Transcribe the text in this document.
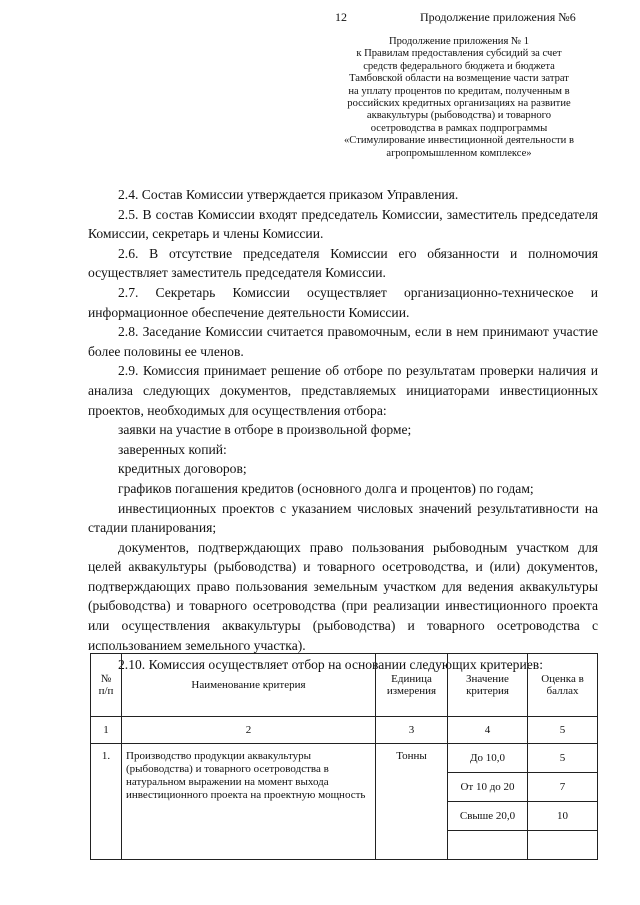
12	Продолжение приложения №6
Продолжение приложения № 1
к Правилам предоставления субсидий за счет
средств федерального бюджета и бюджета
Тамбовской области на возмещение части затрат
на уплату процентов по кредитам, полученным в
российских кредитных организациях на развитие
аквакультуры (рыбоводства) и товарного
осетроводства в рамках подпрограммы
«Стимулирование инвестиционной деятельности в
агропромышленном комплексе»

2.4. Состав Комиссии утверждается приказом Управления.

2.5. В состав Комиссии входят председатель Комиссии, заместитель председателя Комиссии, секретарь и члены Комиссии.

2.6. В отсутствие председателя Комиссии его обязанности и полномочия осуществляет заместитель председателя Комиссии.

2.7. Секретарь Комиссии осуществляет организационно-техническое и информационное обеспечение деятельности Комиссии.

2.8. Заседание Комиссии считается правомочным, если в нем принимают участие более половины ее членов.

2.9. Комиссия принимает решение об отборе по результатам проверки наличия и анализа следующих документов, представляемых инициаторами инвестиционных проектов, необходимых для осуществления отбора:

заявки на участие в отборе в произвольной форме;

заверенных копий:

кредитных договоров;

графиков погашения кредитов (основного долга и процентов) по годам;

инвестиционных проектов с указанием числовых значений результативности на стадии планирования;

документов, подтверждающих право пользования рыбоводным участком для целей аквакультуры (рыбоводства) и товарного осетроводства, и (или) документов, подтверждающих право пользования земельным участком для ведения аквакультуры (рыбоводства) и товарного осетроводства (при реализации инвестиционного проекта или осуществления аквакультуры (рыбоводства) и товарного осетроводства с использованием земельного участка).

2.10. Комиссия осуществляет отбор на основании следующих критериев:

№ п/п	Наименование критерия	Единица измерения	Значение критерия	Оценка в баллах
1	2	3	4	5
1.	Производство продукции аквакультуры (рыбоводства) и товарного осетроводства в натуральном выражении на момент выхода инвестиционного проекта на проектную мощность	Тонны	До 10,0	5
			От 10 до 20	7
			Свыше 20,0	10
